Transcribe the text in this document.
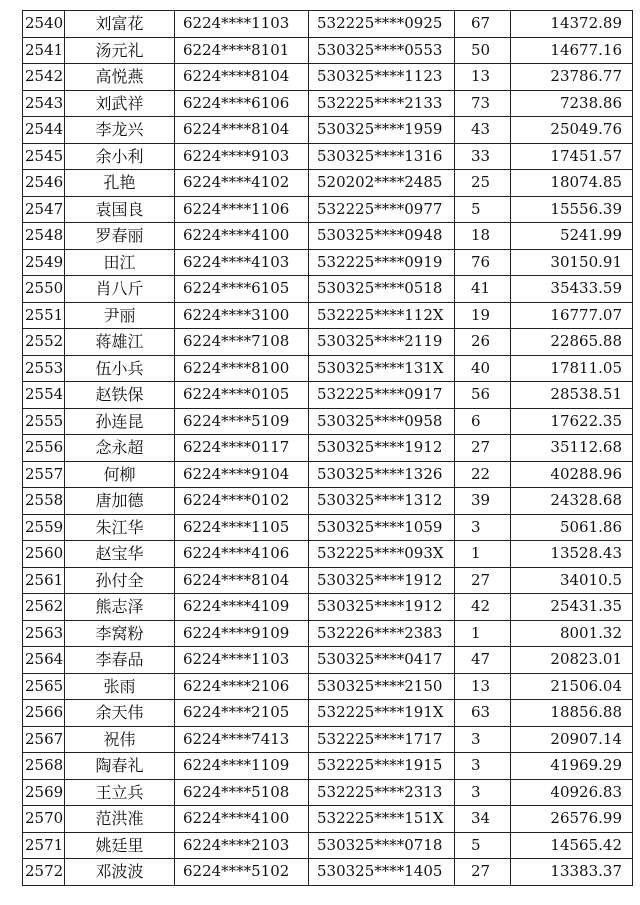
2540	刘富花	6224****1103	532225****0925	67	14372.89
2541	汤元礼	6224****8101	530325****0553	50	14677.16
2542	高悦燕	6224****8104	530325****1123	13	23786.77
2543	刘武祥	6224****6106	532225****2133	73	7238.86
2544	李龙兴	6224****8104	530325****1959	43	25049.76
2545	余小利	6224****9103	530325****1316	33	17451.57
2546	孔艳	6224****4102	520202****2485	25	18074.85
2547	袁国良	6224****1106	532225****0977	5	15556.39
2548	罗春丽	6224****4100	530325****0948	18	5241.99
2549	田江	6224****4103	532225****0919	76	30150.91
2550	肖八斤	6224****6105	530325****0518	41	35433.59
2551	尹丽	6224****3100	532225****112X	19	16777.07
2552	蒋雄江	6224****7108	530325****2119	26	22865.88
2553	伍小兵	6224****8100	530325****131X	40	17811.05
2554	赵铁保	6224****0105	532225****0917	56	28538.51
2555	孙连昆	6224****5109	530325****0958	6	17622.35
2556	念永超	6224****0117	530325****1912	27	35112.68
2557	何柳	6224****9104	530325****1326	22	40288.96
2558	唐加德	6224****0102	530325****1312	39	24328.68
2559	朱江华	6224****1105	530325****1059	3	5061.86
2560	赵宝华	6224****4106	532225****093X	1	13528.43
2561	孙付全	6224****8104	530325****1912	27	34010.5
2562	熊志泽	6224****4109	530325****1912	42	25431.35
2563	李窝粉	6224****9109	532226****2383	1	8001.32
2564	李春品	6224****1103	530325****0417	47	20823.01
2565	张雨	6224****2106	530325****2150	13	21506.04
2566	余天伟	6224****2105	532225****191X	63	18856.88
2567	祝伟	6224****7413	532225****1717	3	20907.14
2568	陶春礼	6224****1109	532225****1915	3	41969.29
2569	王立兵	6224****5108	532225****2313	3	40926.83
2570	范洪准	6224****4100	532225****151X	34	26576.99
2571	姚廷里	6224****2103	530325****0718	5	14565.42
2572	邓波波	6224****5102	530325****1405	27	13383.37
